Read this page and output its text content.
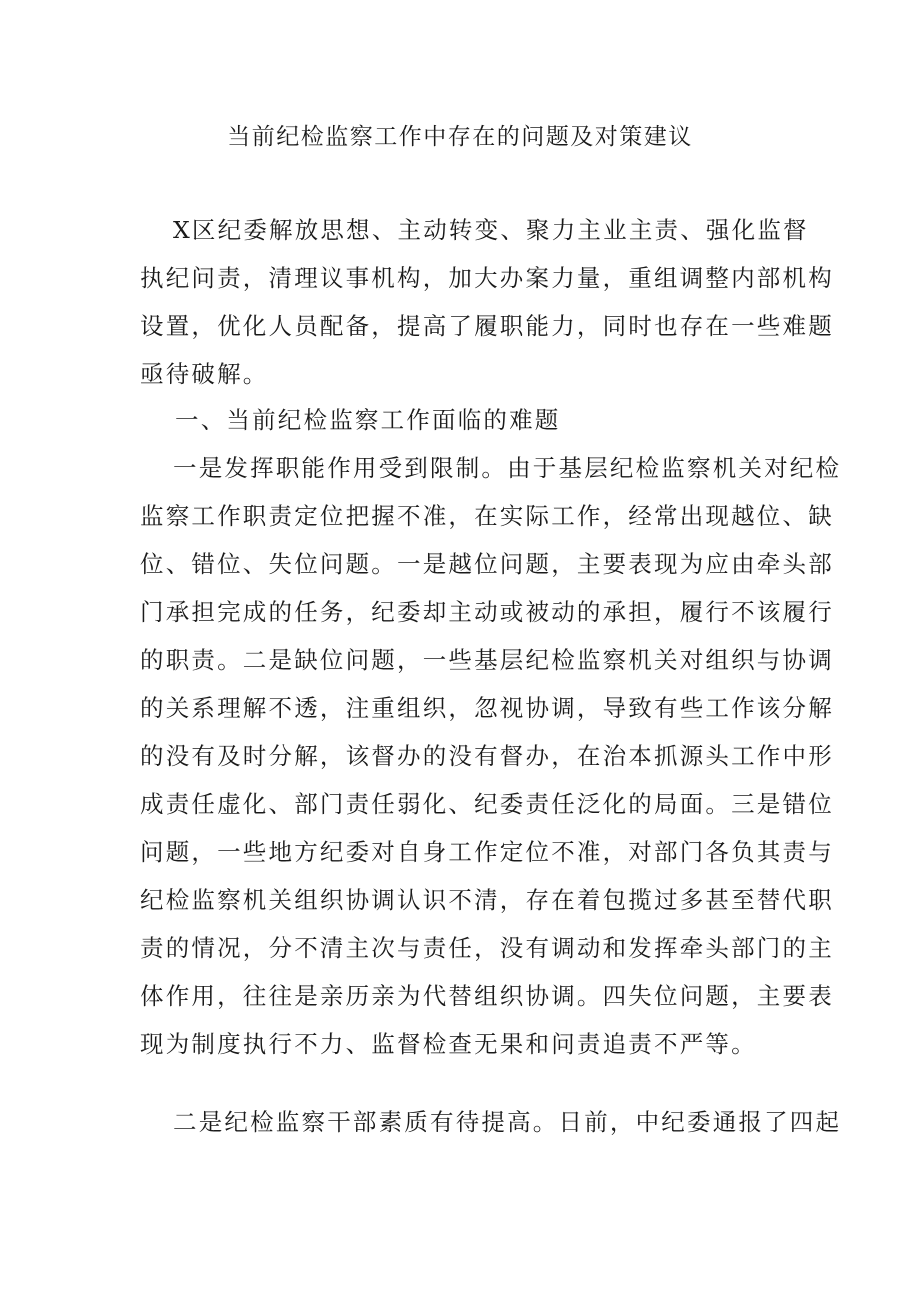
当前纪检监察工作中存在的问题及对策建议
X区纪委解放思想、主动转变、聚力主业主责、强化监督
执纪问责，清理议事机构，加大办案力量，重组调整内部机构
设置，优化人员配备，提高了履职能力，同时也存在一些难题
亟待破解。
一、当前纪检监察工作面临的难题
一是发挥职能作用受到限制。由于基层纪检监察机关对纪检
监察工作职责定位把握不准，在实际工作，经常出现越位、缺
位、错位、失位问题。一是越位问题，主要表现为应由牵头部
门承担完成的任务，纪委却主动或被动的承担，履行不该履行
的职责。二是缺位问题，一些基层纪检监察机关对组织与协调
的关系理解不透，注重组织，忽视协调，导致有些工作该分解
的没有及时分解，该督办的没有督办，在治本抓源头工作中形
成责任虚化、部门责任弱化、纪委责任泛化的局面。三是错位
问题，一些地方纪委对自身工作定位不准，对部门各负其责与
纪检监察机关组织协调认识不清，存在着包揽过多甚至替代职
责的情况，分不清主次与责任，没有调动和发挥牵头部门的主
体作用，往往是亲历亲为代替组织协调。四失位问题，主要表
现为制度执行不力、监督检查无果和问责追责不严等。
二是纪检监察干部素质有待提高。日前，中纪委通报了四起
